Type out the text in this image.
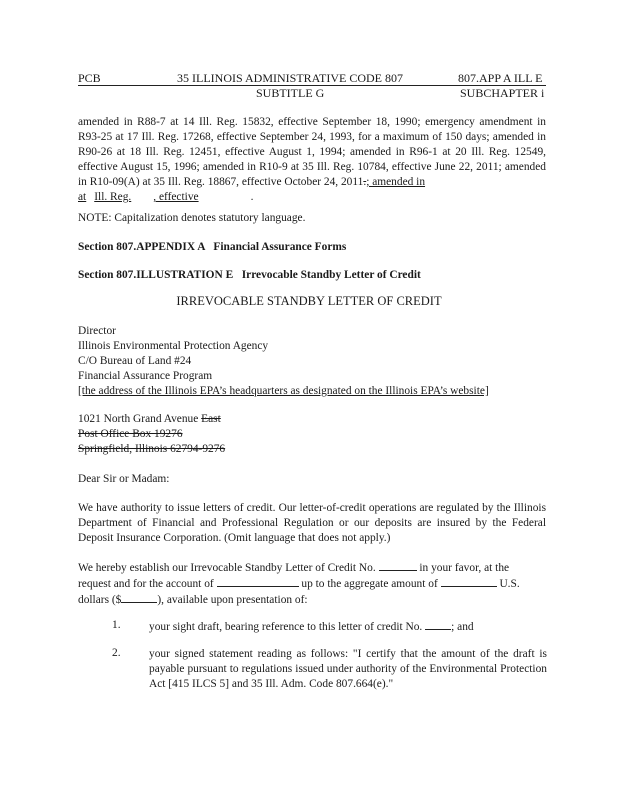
PCB	35 ILLINOIS ADMINISTRATIVE CODE 807	807.APP A ILL E
SUBTITLE G	SUBCHAPTER i
amended in R88-7 at 14 Ill. Reg. 15832, effective September 18, 1990; emergency amendment in R93-25 at 17 Ill. Reg. 17268, effective September 24, 1993, for a maximum of 150 days; amended in R90-26 at 18 Ill. Reg. 12451, effective August 1, 1994; amended in R96-1 at 20 Ill. Reg. 12549, effective August 15, 1996; amended in R10-9 at 35 Ill. Reg. 10784, effective June 22, 2011; amended in R10-09(A) at 35 Ill. Reg. 18867, effective October 24, 2011.; amended in
at Ill. Reg. , effective	.
NOTE: Capitalization denotes statutory language.
Section 807.APPENDIX A   Financial Assurance Forms
Section 807.ILLUSTRATION E   Irrevocable Standby Letter of Credit
IRREVOCABLE STANDBY LETTER OF CREDIT
Director
Illinois Environmental Protection Agency
C/O Bureau of Land #24
Financial Assurance Program
[the address of the Illinois EPA’s headquarters as designated on the Illinois EPA’s website]
1021 North Grand Avenue East
Post Office Box 19276
Springfield, Illinois 62794-9276
Dear Sir or Madam:
We have authority to issue letters of credit. Our letter-of-credit operations are regulated by the Illinois Department of Financial and Professional Regulation or our deposits are insured by the Federal Deposit Insurance Corporation. (Omit language that does not apply.)
We hereby establish our Irrevocable Standby Letter of Credit No.	in your favor, at the
request and for the account of	up to the aggregate amount of	U.S.
dollars ($	), available upon presentation of:
1. your sight draft, bearing reference to this letter of credit No.	; and
2. your signed statement reading as follows: "I certify that the amount of the draft is payable pursuant to regulations issued under authority of the Environmental Protection Act [415 ILCS 5] and 35 Ill. Adm. Code 807.664(e)."
